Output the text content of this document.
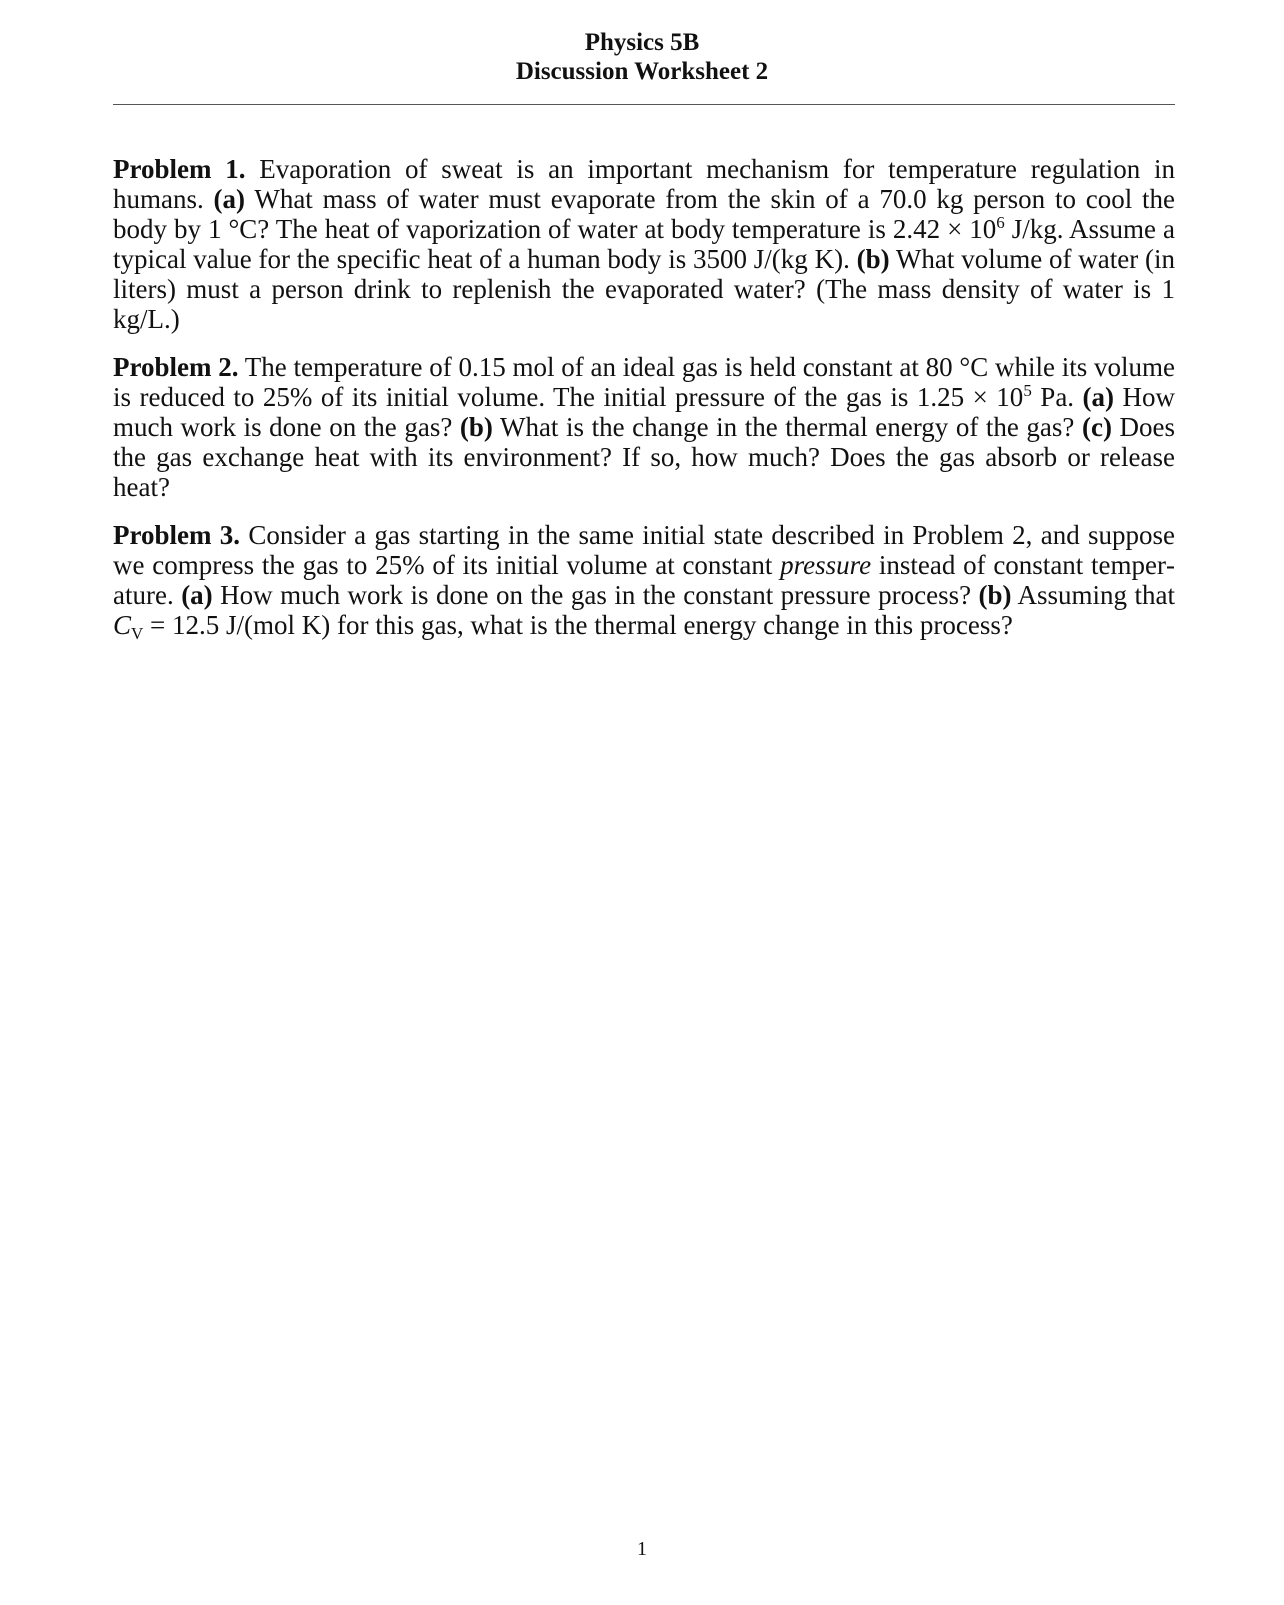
Physics 5B
Discussion Worksheet 2

Problem 1. Evaporation of sweat is an important mechanism for temperature regulation in humans. (a) What mass of water must evaporate from the skin of a 70.0 kg person to cool the body by 1 °C? The heat of vaporization of water at body temperature is $2.42 \times 10^6$ J/kg. Assume a typical value for the specific heat of a human body is 3500 J/(kg K). (b) What volume of water (in liters) must a person drink to replenish the evaporated water? (The mass density of water is 1 kg/L.)

Problem 2. The temperature of 0.15 mol of an ideal gas is held constant at 80 °C while its volume is reduced to 25% of its initial volume. The initial pressure of the gas is $1.25 \times 10^5$ Pa. (a) How much work is done on the gas? (b) What is the change in the thermal energy of the gas? (c) Does the gas exchange heat with its environment? If so, how much? Does the gas absorb or release heat?

Problem 3. Consider a gas starting in the same initial state described in Problem 2, and suppose we compress the gas to 25% of its initial volume at constant pressure instead of constant temperature. (a) How much work is done on the gas in the constant pressure process? (b) Assuming that $C_V = 12.5$ J/(mol K) for this gas, what is the thermal energy change in this process?

1
